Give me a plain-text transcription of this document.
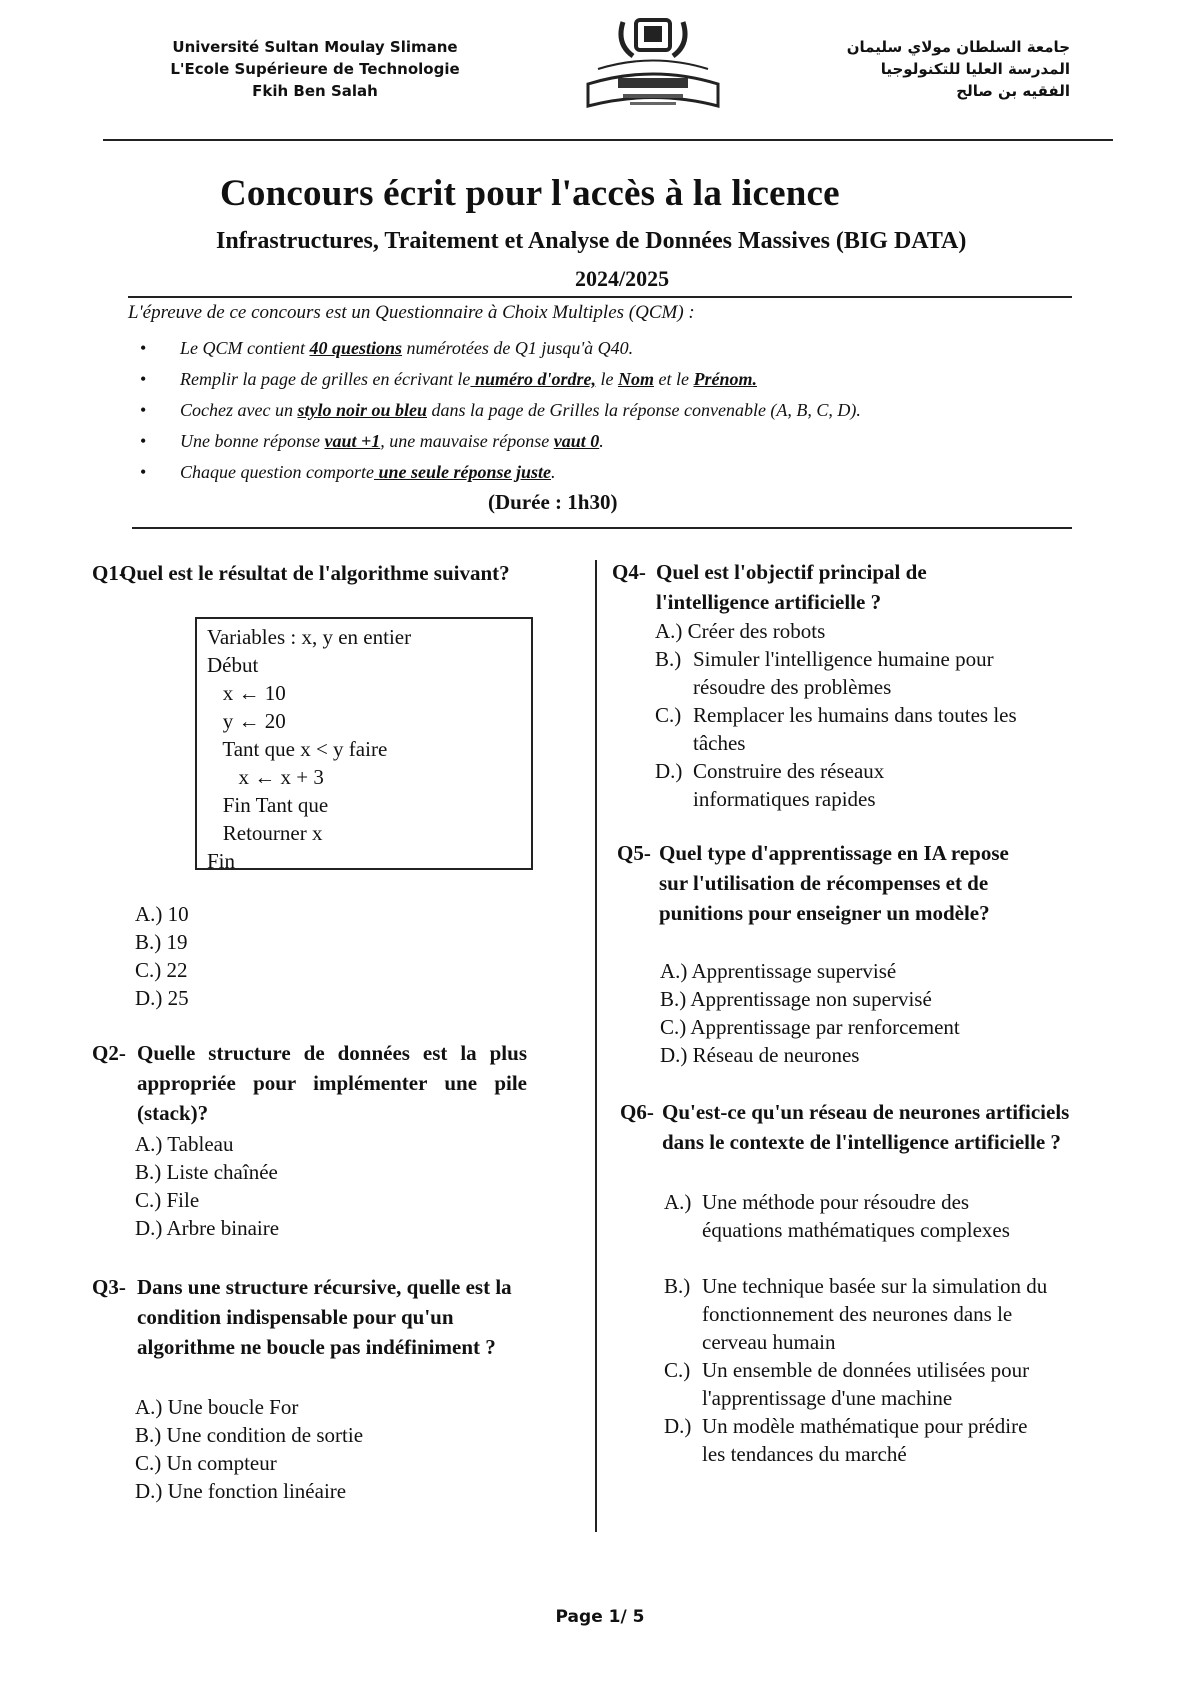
Université Sultan Moulay Slimane
L'Ecole Supérieure de Technologie
Fkih Ben Salah
جامعة السلطان مولاي سليمان
المدرسة العليا للتكنولوجيا
الفقيه بن صالح
Concours écrit pour l'accès à la licence
Infrastructures, Traitement et Analyse de Données Massives (BIG DATA)
2024/2025
L'épreuve de ce concours est un Questionnaire à Choix Multiples (QCM) :
• Le QCM contient 40 questions numérotées de Q1 jusqu'à Q40.
• Remplir la page de grilles en écrivant le numéro d'ordre, le Nom et le Prénom.
• Cochez avec un stylo noir ou bleu dans la page de Grilles la réponse convenable (A, B, C, D).
• Une bonne réponse vaut +1, une mauvaise réponse vaut 0.
• Chaque question comporte une seule réponse juste.
(Durée : 1h30)
Q1-
Quel est le résultat de l'algorithme suivant?
Variables : x, y en entier
Début
x ← 10
y ← 20
Tant que x < y faire
x ← x + 3
Fin Tant que
Retourner x
Fin
A.) 10
B.) 19
C.) 22
D.) 25
Q2- Quelle structure de données est la plus appropriée pour implémenter une pile (stack)?
A.) Tableau
B.) Liste chaînée
C.) File
D.) Arbre binaire
Q3- Dans une structure récursive, quelle est la condition indispensable pour qu'un algorithme ne boucle pas indéfiniment ?
A.) Une boucle For
B.) Une condition de sortie
C.) Un compteur
D.) Une fonction linéaire
Q4- Quel est l'objectif principal de l'intelligence artificielle ?
A.) Créer des robots
B.) Simuler l'intelligence humaine pour résoudre des problèmes
C.) Remplacer les humains dans toutes les tâches
D.) Construire des réseaux informatiques rapides
Q5- Quel type d'apprentissage en IA repose sur l'utilisation de récompenses et de punitions pour enseigner un modèle?
A.) Apprentissage supervisé
B.) Apprentissage non supervisé
C.) Apprentissage par renforcement
D.) Réseau de neurones
Q6- Qu'est-ce qu'un réseau de neurones artificiels dans le contexte de l'intelligence artificielle ?
A.) Une méthode pour résoudre des équations mathématiques complexes
B.) Une technique basée sur la simulation du fonctionnement des neurones dans le cerveau humain
C.) Un ensemble de données utilisées pour l'apprentissage d'une machine
D.) Un modèle mathématique pour prédire les tendances du marché
Page 1/ 5
